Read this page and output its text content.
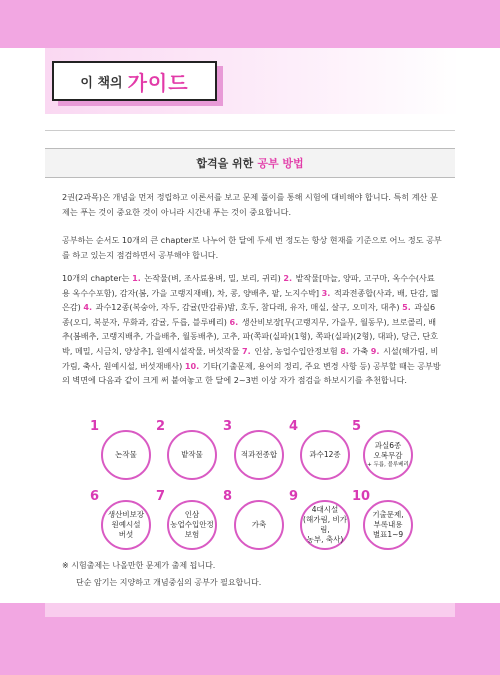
이 책의 가이드
합격을 위한 공부 방법

2권(2과목)은 개념을 먼저 정립하고 이론서를 보고 문제 풀이를 통해 시험에 대비해야 합니다. 특히 계산 문제는 푸는 것이 중요한 것이 아니라 시간내 푸는 것이 중요합니다.

공부하는 순서도 10개의 큰 chapter로 나누어 한 달에 두세 번 정도는 항상 현재를 기준으로 어느 정도 공부를 하고 있는지 점검하면서 공부해야 합니다.

10개의 chapter는 1. 논작물(벼, 조사료용벼, 밀, 보리, 귀리) 2. 밭작물[마늘, 양파, 고구마, 옥수수(사료용 옥수수포함), 감자(봄, 가을 고랭지재배), 차, 콩, 양배추, 팥, 노지수박] 3. 적과전종합(사과, 배, 단감, 떫은감) 4. 과수12종(복숭아, 자두, 감귤(만감류)밤, 호두, 참다래, 유자, 매실, 살구, 오미자, 대추) 5. 과실6종(오디, 복분자, 무화과, 감귤, 두릅, 블루베리) 6. 생산비보장[무(고랭지무, 가을무, 월동무), 브로콜리, 배추(봄배추, 고랭지배추, 가을배추, 월동배추), 고추, 파(쪽파(실파)(1형), 쪽파(실파)(2형), 대파), 당근, 단호박, 메밀, 시금치, 양상추], 원예시설작물, 버섯작물 7. 인삼, 농업수입안정보험 8. 가축 9. 시설(해가림, 비가림, 축사, 원예시설, 버섯재배사) 10. 기타(기출문제, 용어의 정리, 주요 변경 사항 등) 공부할 때는 공부방의 벽면에 다음과 같이 크게 써 붙여놓고 한 달에 2~3번 이상 자가 점검을 하보시기를 추천합니다.

1
논작물
2
밭작물
3
적과전종합
4
과수12종
5
과실6종
오복무감
+ 두릅, 블루베리
6
생산비보장
원예시설
버섯
7
인삼
농업수입안정
보험
8
가축
9
4대시설
(해가림, 비가림,
농부, 축사)
10
기출문제,
부록내용
별표1~9

※ 시험출제는 나올만한 문제가 출제 됩니다.

단순 암기는 지양하고 개념중심의 공부가 필요합니다.
